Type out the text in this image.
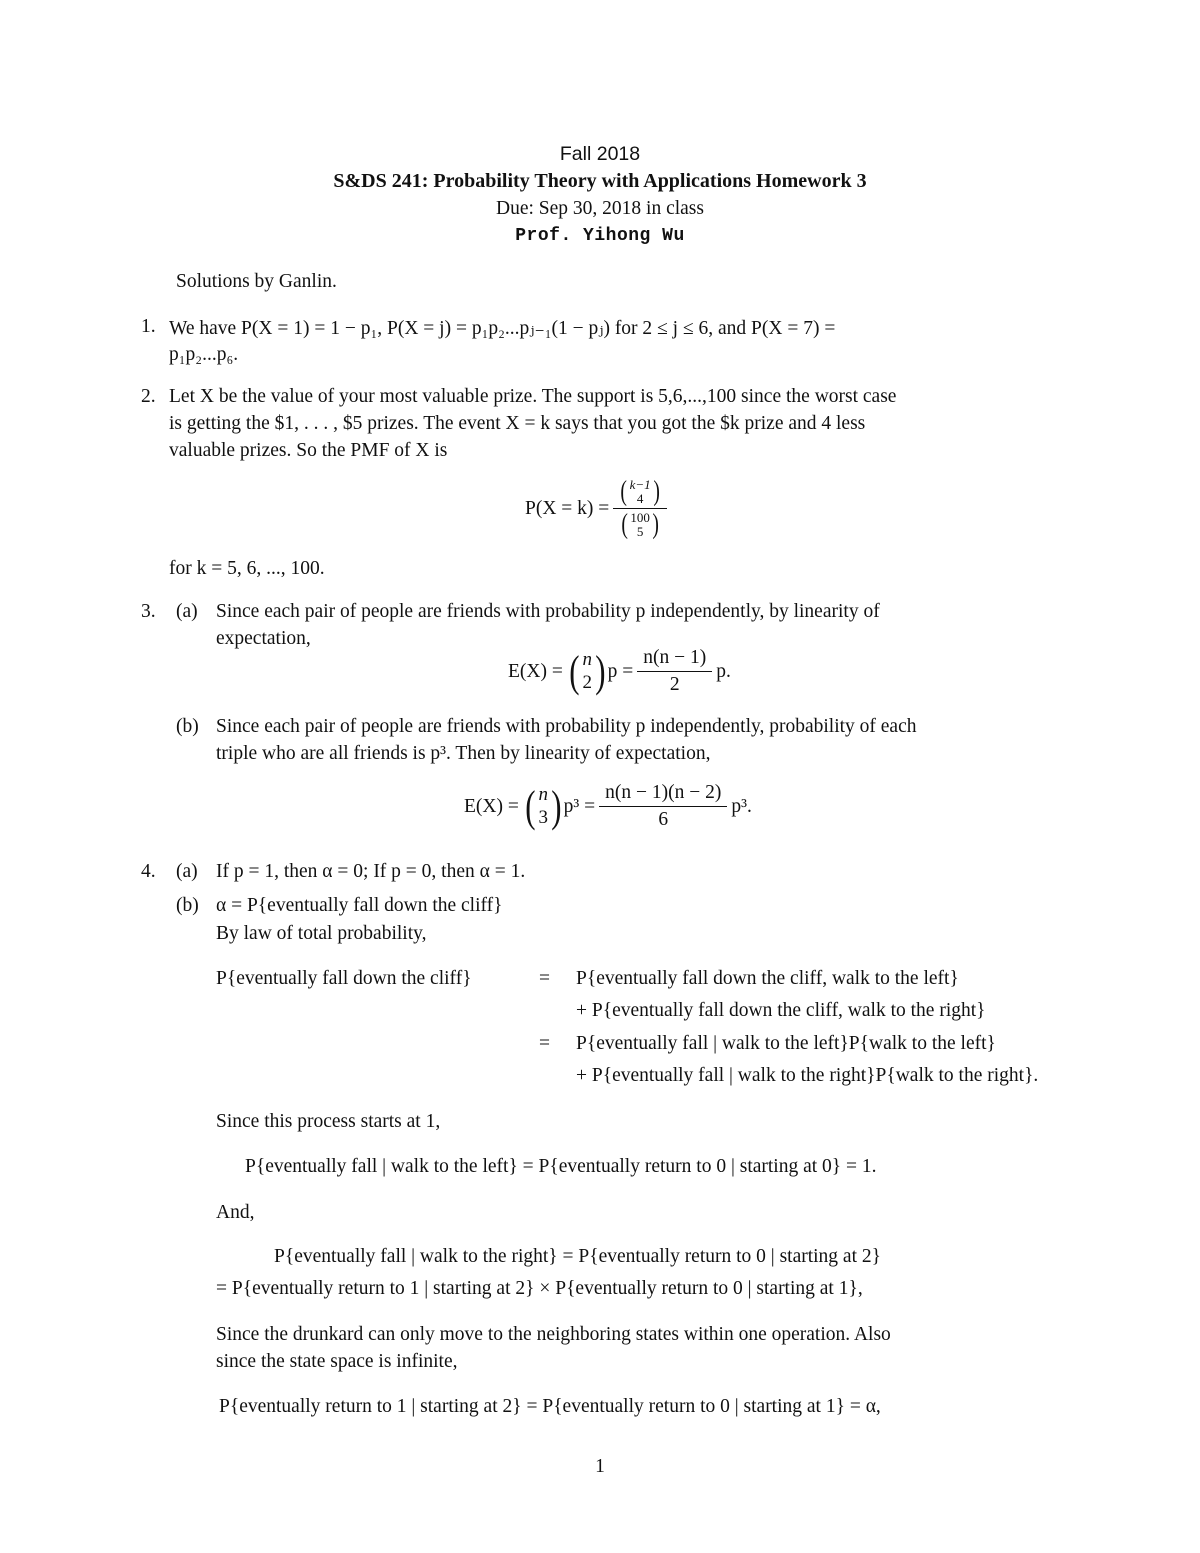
Fall 2018
S&DS 241: Probability Theory with Applications Homework 3
Due: Sep 30, 2018 in class
Prof. Yihong Wu
Solutions by Ganlin.
1. We have P(X = 1) = 1 − p₁, P(X = j) = p₁p₂...pⱼ₋₁(1 − pⱼ) for 2 ≤ j ≤ 6, and P(X = 7) =
p₁p₂...p₆.
2. Let X be the value of your most valuable prize. The support is 5,6,...,100 since the worst case
is getting the $1, . . . , $5 prizes. The event X = k says that you got the $k prize and 4 less
valuable prizes. So the PMF of X is
P(X = k) = ( k−1
4 )
( 100
5 )
for k = 5, 6, ..., 100.
3. (a) Since each pair of people are friends with probability p independently, by linearity of
expectation,
E(X) = ( n
2 ) $p = \frac{n(n - 1)}{2} p$.
(b) Since each pair of people are friends with probability p independently, probability of each
triple who are all friends is p³. Then by linearity of expectation,
E(X) = ( n
3 ) $p^3 = \frac{n(n - 1)(n - 2)}{6} p^3$.
4. (a) If p = 1, then α = 0; If p = 0, then α = 1.
(b) α = P{eventually fall down the cliff}
By law of total probability,
P{eventually fall down the cliff}	= P{eventually fall down the cliff, walk to the left}
+ P{eventually fall down the cliff, walk to the right}
= P{eventually fall | walk to the left}P{walk to the left}
+ P{eventually fall | walk to the right}P{walk to the right}.
Since this process starts at 1,
P{eventually fall | walk to the left} = P{eventually return to 0 | starting at 0} = 1.
And,
P{eventually fall | walk to the right} = P{eventually return to 0 | starting at 2}
= P{eventually return to 1 | starting at 2} × P{eventually return to 0 | starting at 1},
Since the drunkard can only move to the neighboring states within one operation. Also
since the state space is infinite,
P{eventually return to 1 | starting at 2} = P{eventually return to 0 | starting at 1} = α,
1
